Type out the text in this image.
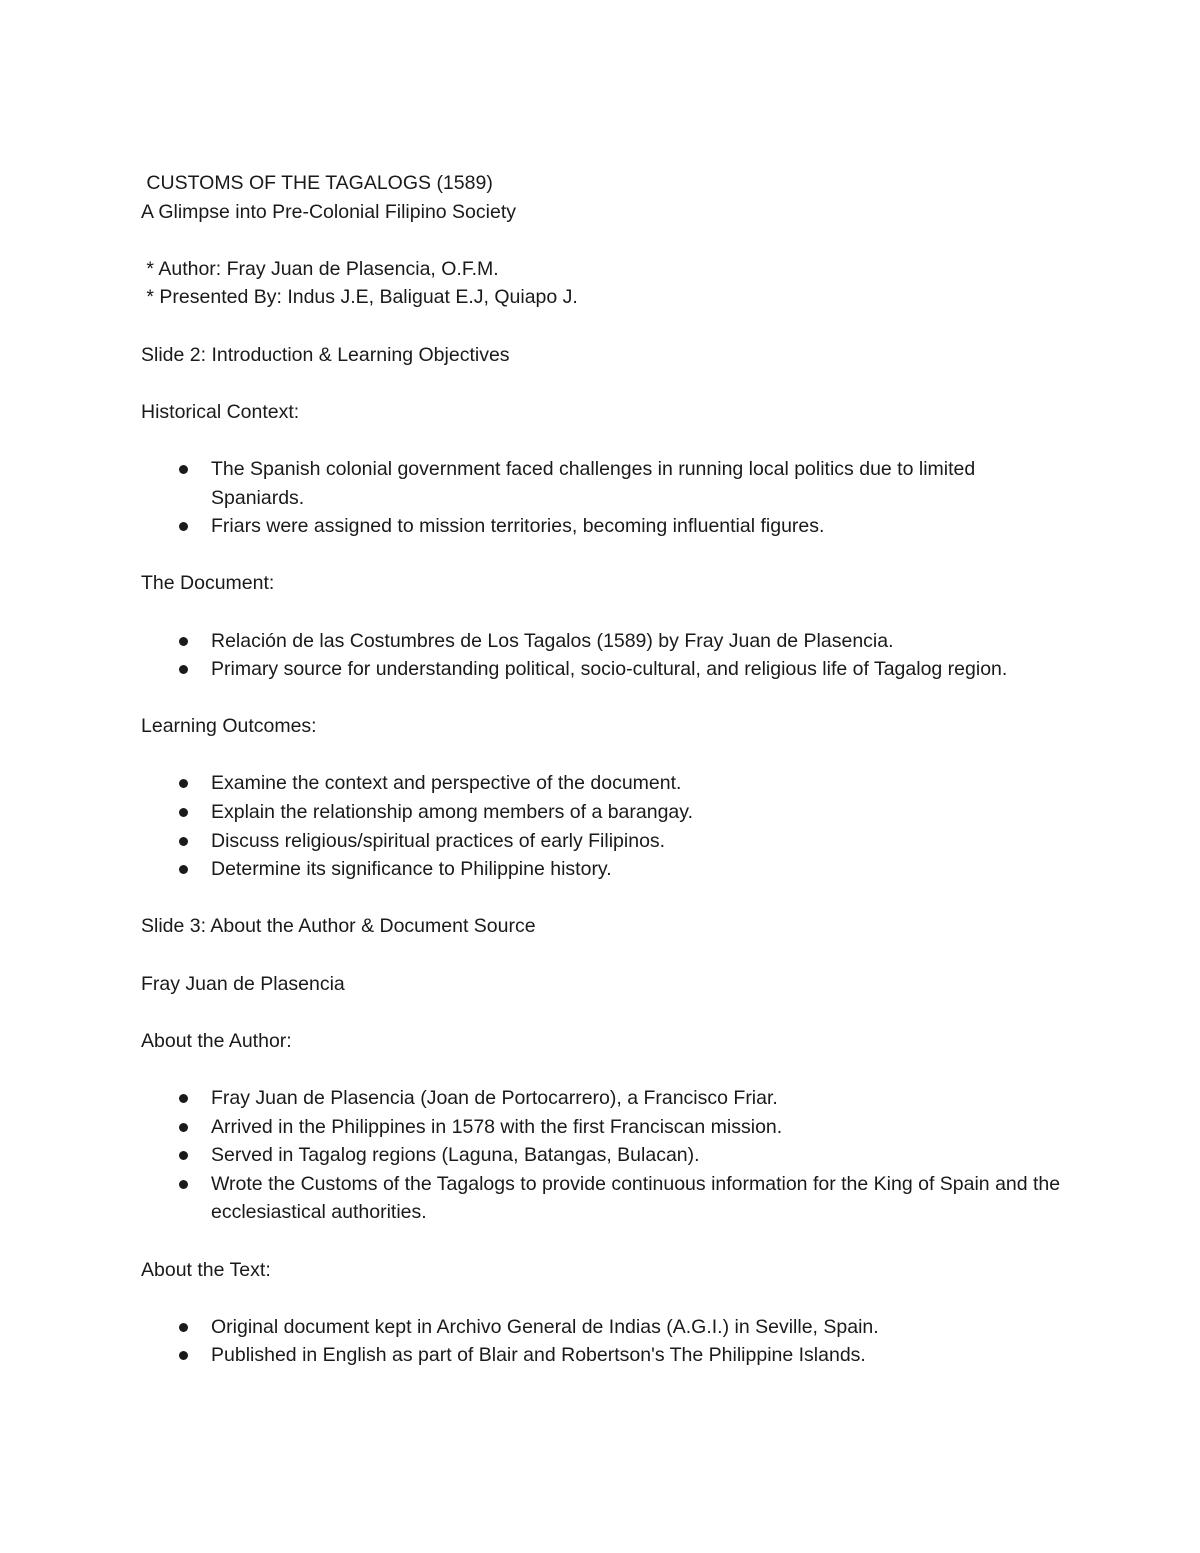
CUSTOMS OF THE TAGALOGS (1589)
A Glimpse into Pre-Colonial Filipino Society
* Author: Fray Juan de Plasencia, O.F.M.
* Presented By: Indus J.E, Baliguat E.J, Quiapo J.
Slide 2: Introduction & Learning Objectives
Historical Context:
The Spanish colonial government faced challenges in running local politics due to limited Spaniards.
Friars were assigned to mission territories, becoming influential figures.
The Document:
Relación de las Costumbres de Los Tagalos (1589) by Fray Juan de Plasencia.
Primary source for understanding political, socio-cultural, and religious life of Tagalog region.
Learning Outcomes:
Examine the context and perspective of the document.
Explain the relationship among members of a barangay.
Discuss religious/spiritual practices of early Filipinos.
Determine its significance to Philippine history.
Slide 3: About the Author & Document Source
Fray Juan de Plasencia
About the Author:
Fray Juan de Plasencia (Joan de Portocarrero), a Francisco Friar.
Arrived in the Philippines in 1578 with the first Franciscan mission.
Served in Tagalog regions (Laguna, Batangas, Bulacan).
Wrote the Customs of the Tagalogs to provide continuous information for the King of Spain and the ecclesiastical authorities.
About the Text:
Original document kept in Archivo General de Indias (A.G.I.) in Seville, Spain.
Published in English as part of Blair and Robertson's The Philippine Islands.
